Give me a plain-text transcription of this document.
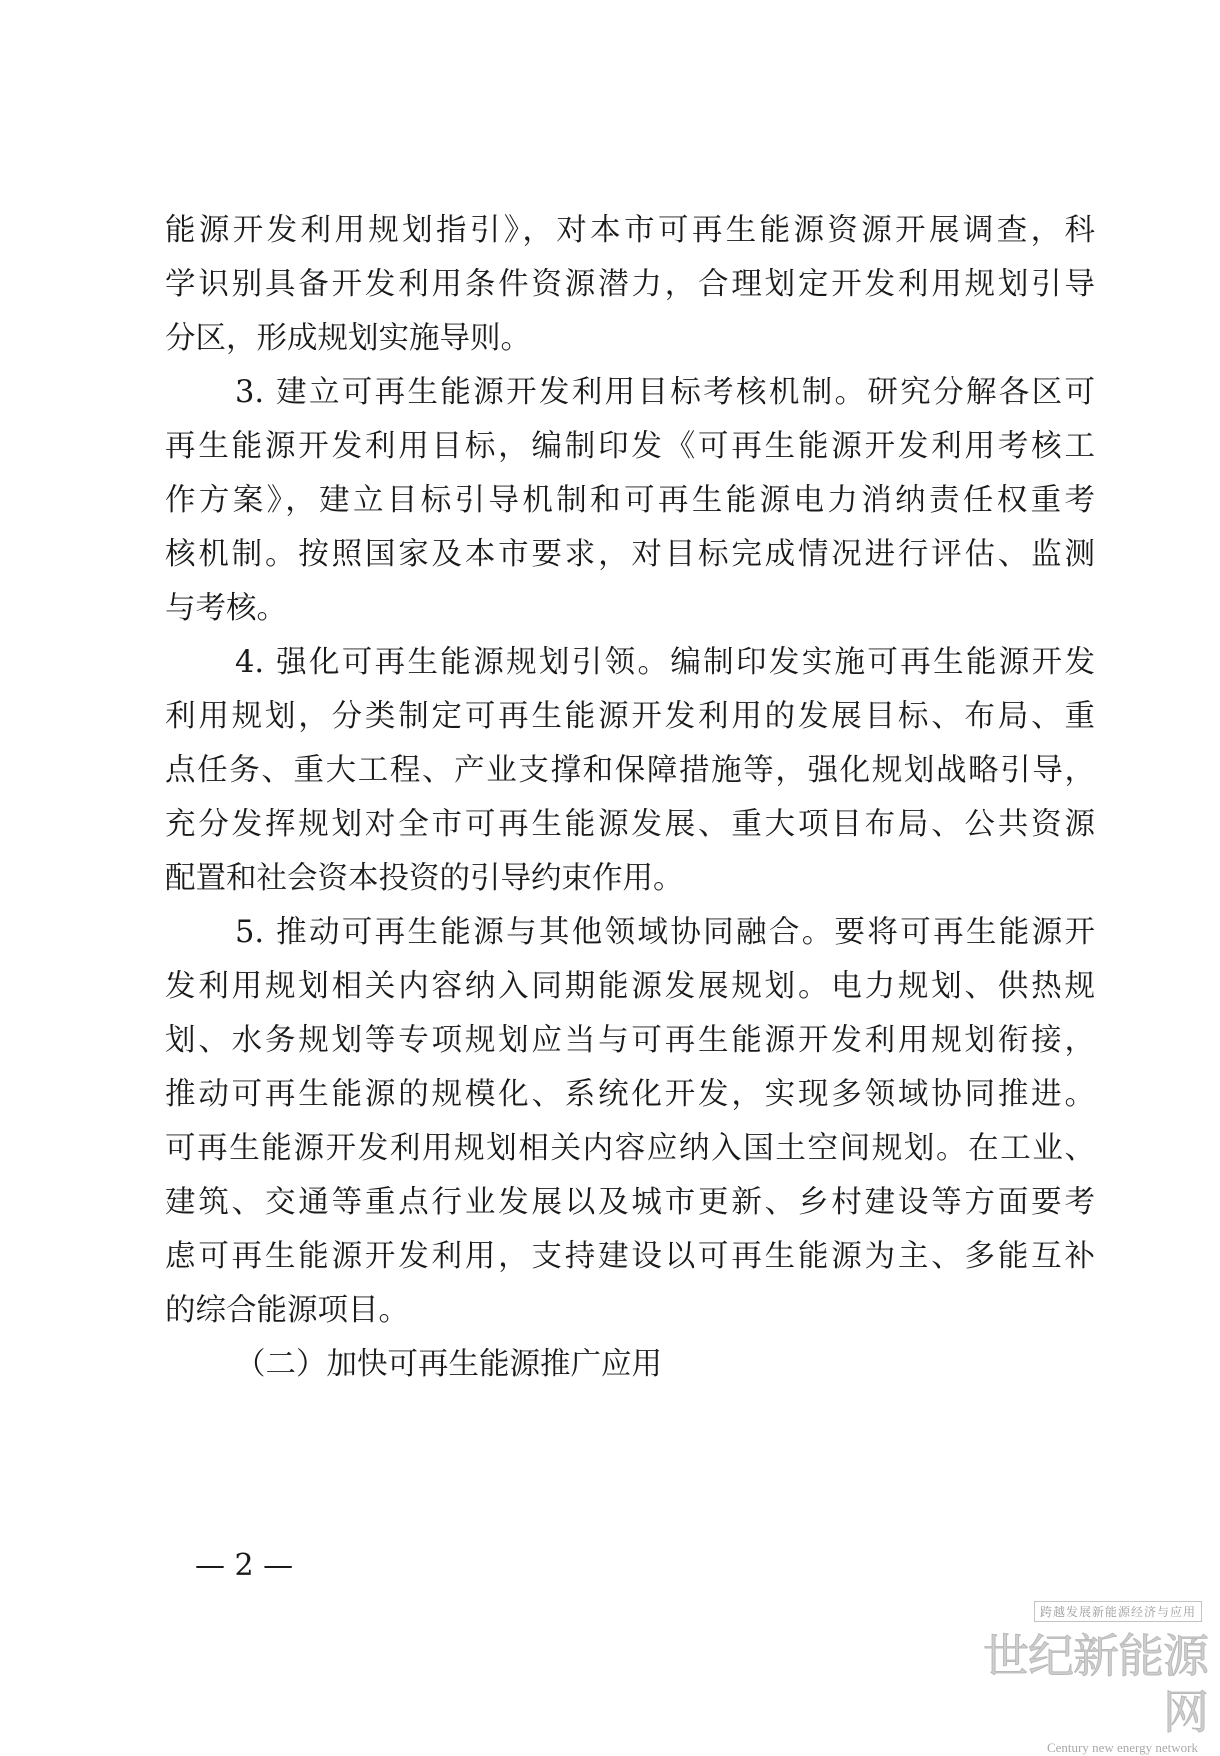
能源开发利用规划指引》，对本市可再生能源资源开展调查，科
学识别具备开发利用条件资源潜力，合理划定开发利用规划引导
分区，形成规划实施导则。
3. 建立可再生能源开发利用目标考核机制。研究分解各区可
再生能源开发利用目标，编制印发《可再生能源开发利用考核工
作方案》，建立目标引导机制和可再生能源电力消纳责任权重考
核机制。按照国家及本市要求，对目标完成情况进行评估、监测
与考核。
4. 强化可再生能源规划引领。编制印发实施可再生能源开发
利用规划，分类制定可再生能源开发利用的发展目标、布局、重
点任务、重大工程、产业支撑和保障措施等，强化规划战略引导，
充分发挥规划对全市可再生能源发展、重大项目布局、公共资源
配置和社会资本投资的引导约束作用。
5. 推动可再生能源与其他领域协同融合。要将可再生能源开
发利用规划相关内容纳入同期能源发展规划。电力规划、供热规
划、水务规划等专项规划应当与可再生能源开发利用规划衔接，
推动可再生能源的规模化、系统化开发，实现多领域协同推进。
可再生能源开发利用规划相关内容应纳入国土空间规划。在工业、
建筑、交通等重点行业发展以及城市更新、乡村建设等方面要考
虑可再生能源开发利用，支持建设以可再生能源为主、多能互补
的综合能源项目。
（二）加快可再生能源推广应用
— 2 —
跨越发展新能源经济与应用
世纪新能源网
Century new energy network
